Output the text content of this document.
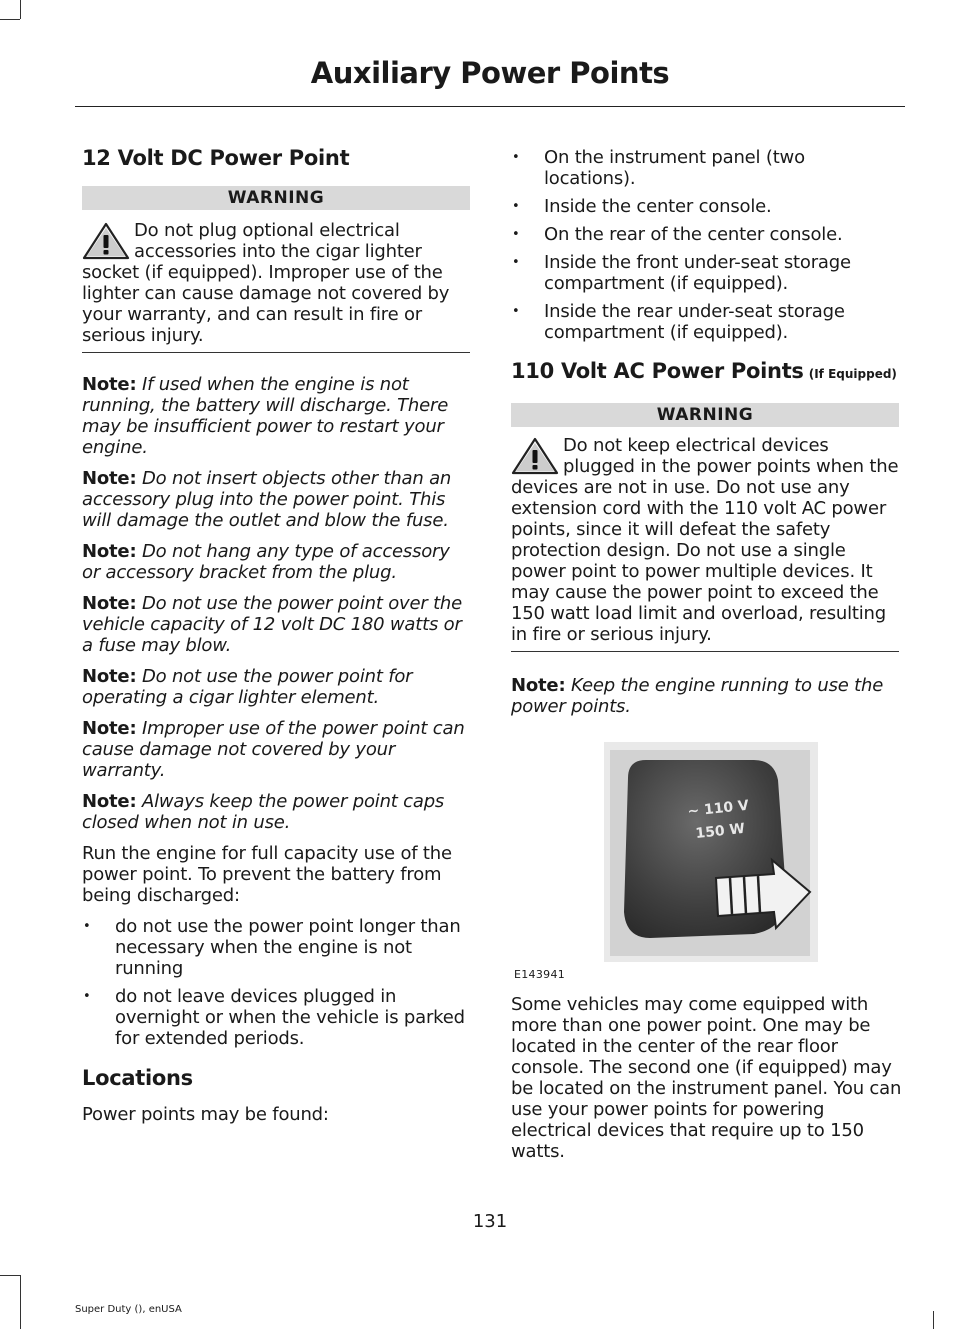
Auxiliary Power Points
12 Volt DC Power Point
WARNING
Do not plug optional electrical accessories into the cigar lighter socket (if equipped). Improper use of the lighter can cause damage not covered by your warranty, and can result in fire or serious injury.

Note: If used when the engine is not running, the battery will discharge. There may be insufficient power to restart your engine.

Note: Do not insert objects other than an accessory plug into the power point. This will damage the outlet and blow the fuse.

Note: Do not hang any type of accessory or accessory bracket from the plug.

Note: Do not use the power point over the vehicle capacity of 12 volt DC 180 watts or a fuse may blow.

Note: Do not use the power point for operating a cigar lighter element.

Note: Improper use of the power point can cause damage not covered by your warranty.

Note: Always keep the power point caps closed when not in use.

Run the engine for full capacity use of the power point. To prevent the battery from being discharged:

• do not use the power point longer than necessary when the engine is not running
• do not leave devices plugged in overnight or when the vehicle is parked for extended periods.
Locations

Power points may be found:

• On the instrument panel (two locations).
• Inside the center console.
• On the rear of the center console.
• Inside the front under-seat storage compartment (if equipped).
• Inside the rear under-seat storage compartment (if equipped).
110 Volt AC Power Points (If Equipped)
WARNING
Do not keep electrical devices plugged in the power points when the devices are not in use. Do not use any extension cord with the 110 volt AC power points, since it will defeat the safety protection design. Do not use a single power point to power multiple devices. It may cause the power point to exceed the 150 watt load limit and overload, resulting in fire or serious injury.

Note: Keep the engine running to use the power points.

Some vehicles may come equipped with more than one power point. One may be located in the center of the rear floor console. The second one (if equipped) may be located on the instrument panel. You can use your power points for powering electrical devices that require up to 150 watts.

~ 110 V
150 W
E143941
131
Super Duty (), enUSA
